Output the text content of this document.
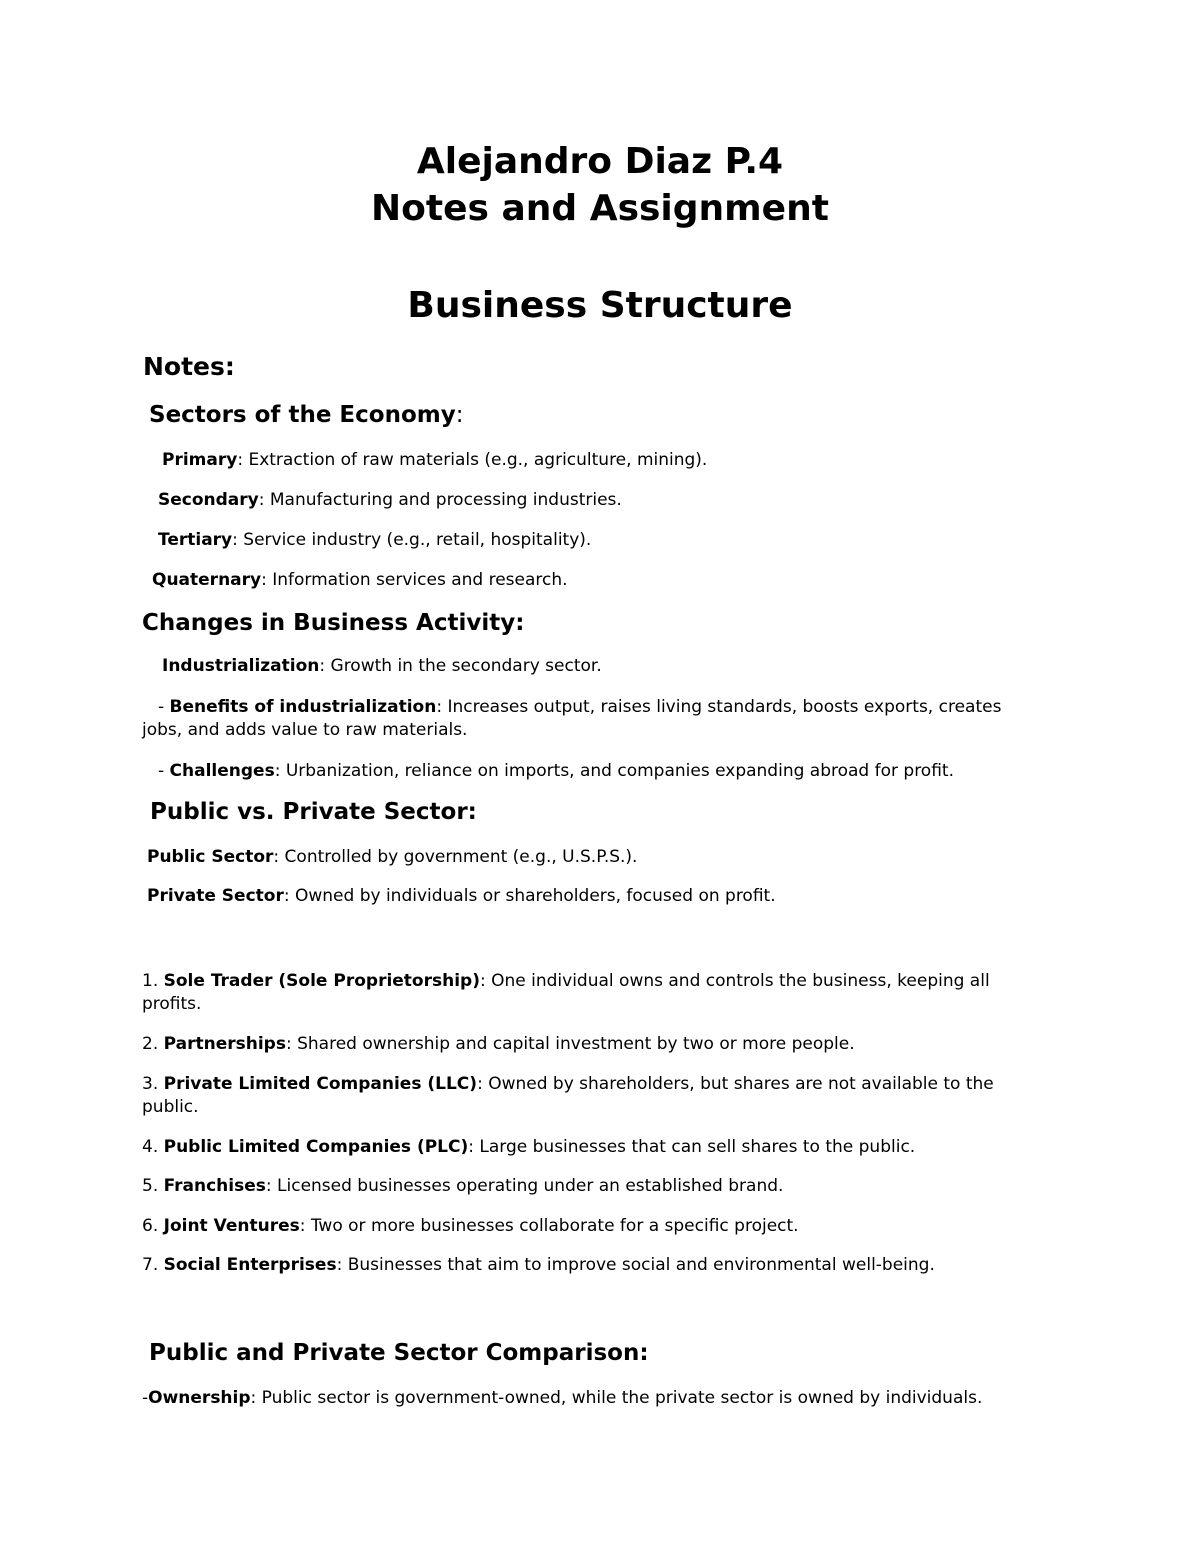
Alejandro Diaz P.4
Notes and Assignment
Business Structure
Notes:
Sectors of the Economy:
Primary: Extraction of raw materials (e.g., agriculture, mining).
Secondary: Manufacturing and processing industries.
Tertiary: Service industry (e.g., retail, hospitality).
Quaternary: Information services and research.
Changes in Business Activity:
Industrialization: Growth in the secondary sector.
- Benefits of industrialization: Increases output, raises living standards, boosts exports, creates jobs, and adds value to raw materials.
- Challenges: Urbanization, reliance on imports, and companies expanding abroad for profit.
Public vs. Private Sector:
Public Sector: Controlled by government (e.g., U.S.P.S.).
Private Sector: Owned by individuals or shareholders, focused on profit.
1. Sole Trader (Sole Proprietorship): One individual owns and controls the business, keeping all profits.
2. Partnerships: Shared ownership and capital investment by two or more people.
3. Private Limited Companies (LLC): Owned by shareholders, but shares are not available to the public.
4. Public Limited Companies (PLC): Large businesses that can sell shares to the public.
5. Franchises: Licensed businesses operating under an established brand.
6. Joint Ventures: Two or more businesses collaborate for a specific project.
7. Social Enterprises: Businesses that aim to improve social and environmental well-being.
Public and Private Sector Comparison:
-Ownership: Public sector is government-owned, while the private sector is owned by individuals.
